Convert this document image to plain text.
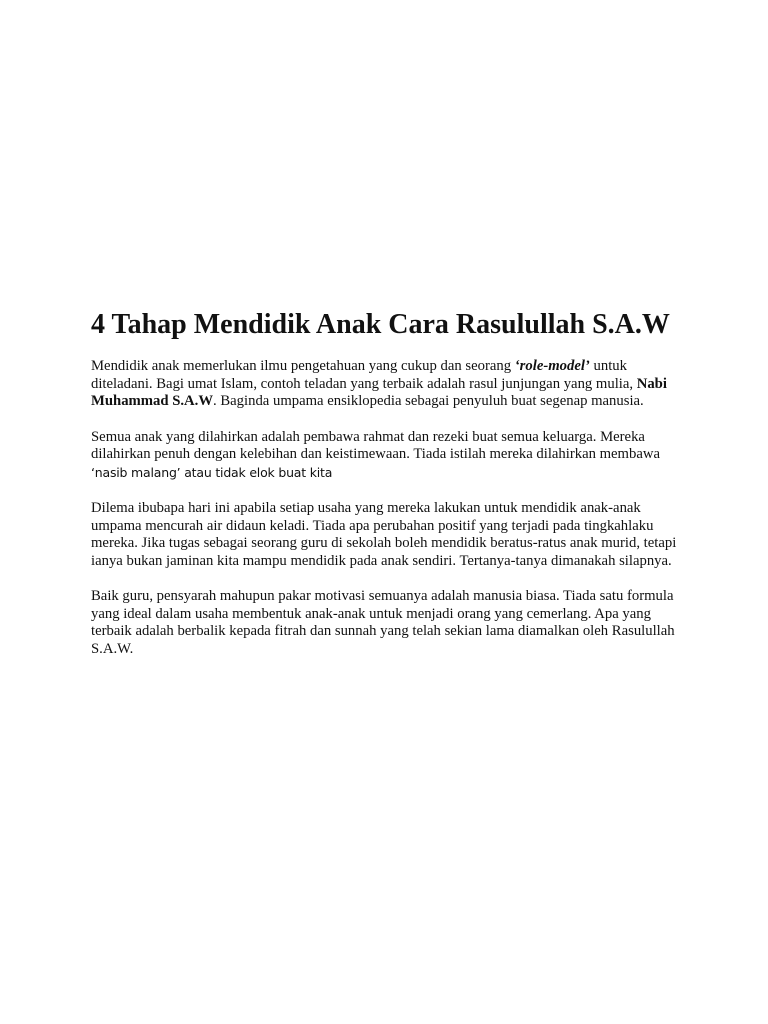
4 Tahap Mendidik Anak Cara Rasulullah S.A.W

Mendidik anak memerlukan ilmu pengetahuan yang cukup dan seorang ‘role-model’ untuk diteladani. Bagi umat Islam, contoh teladan yang terbaik adalah rasul junjungan yang mulia, Nabi Muhammad S.A.W. Baginda umpama ensiklopedia sebagai penyuluh buat segenap manusia.

Semua anak yang dilahirkan adalah pembawa rahmat dan rezeki buat semua keluarga. Mereka dilahirkan penuh dengan kelebihan dan keistimewaan. Tiada istilah mereka dilahirkan membawa
‘nasib malang’ atau tidak elok buat kita

Dilema ibubapa hari ini apabila setiap usaha yang mereka lakukan untuk mendidik anak-anak umpama mencurah air didaun keladi. Tiada apa perubahan positif yang terjadi pada tingkahlaku mereka. Jika tugas sebagai seorang guru di sekolah boleh mendidik beratus-ratus anak murid, tetapi ianya bukan jaminan kita mampu mendidik pada anak sendiri. Tertanya-tanya dimanakah silapnya.

Baik guru, pensyarah mahupun pakar motivasi semuanya adalah manusia biasa. Tiada satu formula yang ideal dalam usaha membentuk anak-anak untuk menjadi orang yang cemerlang. Apa yang terbaik adalah berbalik kepada fitrah dan sunnah yang telah sekian lama diamalkan oleh Rasulullah S.A.W.
